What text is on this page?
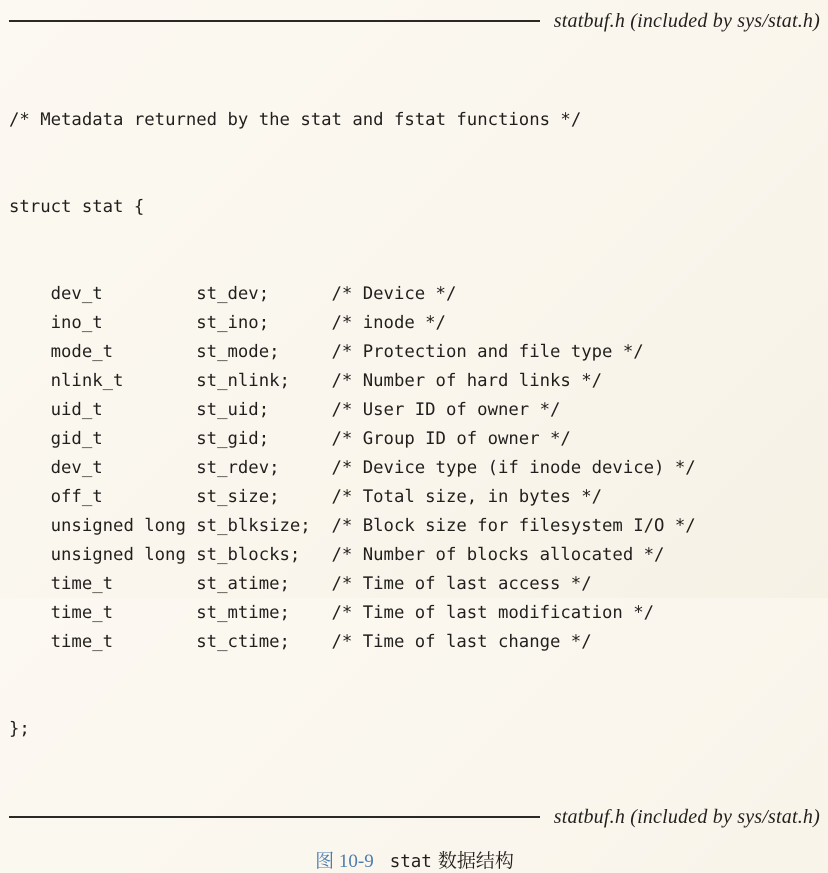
statbuf.h (included by sys/stat.h)

/* Metadata returned by the stat and fstat functions */

struct stat {

dev_t	st_dev;	/* Device */
ino_t	st_ino;	/* inode */
mode_t	st_mode;	/* Protection and file type */
nlink_t	st_nlink;	/* Number of hard links */
uid_t	st_uid;	/* User ID of owner */
gid_t	st_gid;	/* Group ID of owner */
dev_t	st_rdev;	/* Device type (if inode device) */
off_t	st_size;	/* Total size, in bytes */
unsigned long st_blksize;	/* Block size for filesystem I/O */
unsigned long st_blocks;	/* Number of blocks allocated */
time_t	st_atime;	/* Time of last access */
time_t	st_mtime;	/* Time of last modification */
time_t	st_ctime;	/* Time of last change */

};

statbuf.h (included by sys/stat.h)
图 10-9 stat 数据结构
